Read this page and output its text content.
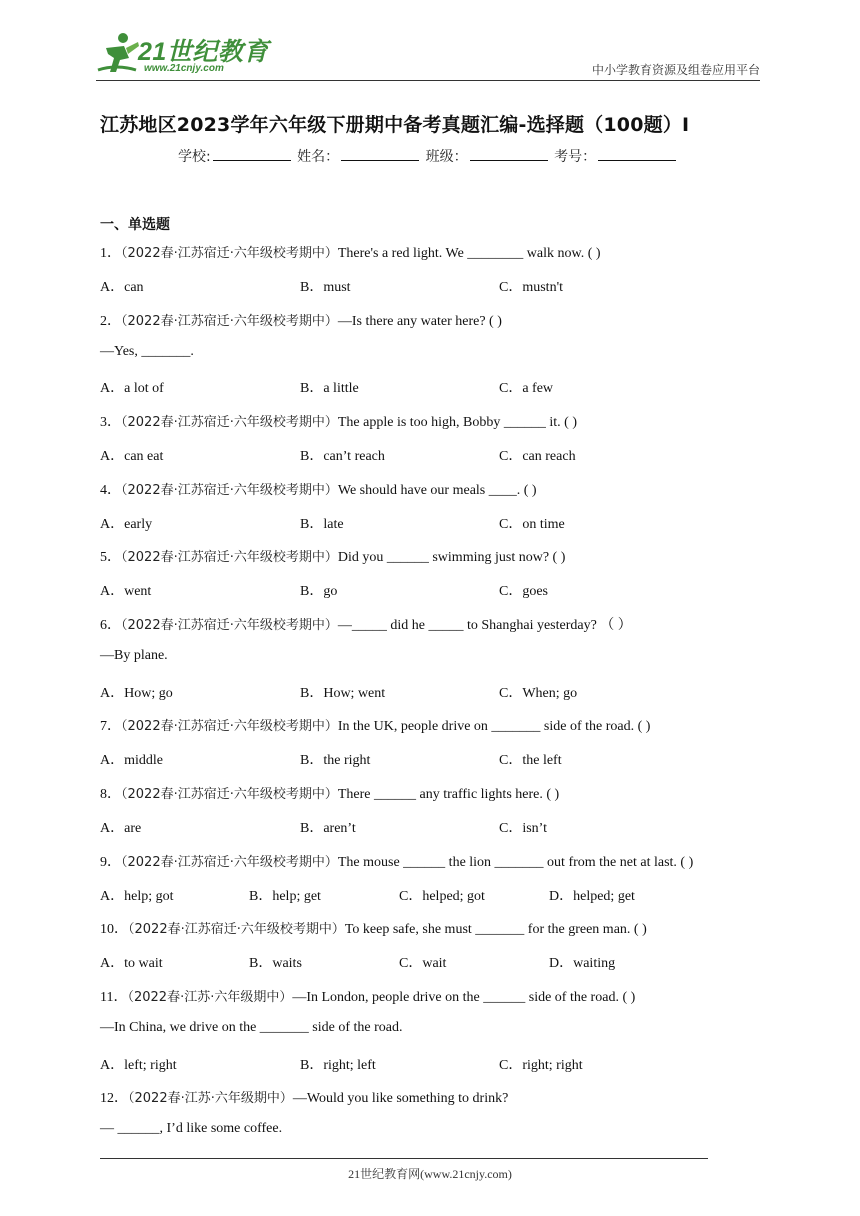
21世纪教育
www.21cnjy.com	中小学教育资源及组卷应用平台
江苏地区2023学年六年级下册期中备考真题汇编-选择题（100题）I
学校:	姓名：	班级：	考号：
一、单选题
1．（2022春·江苏宿迁·六年级校考期中）There's a red light. We ________ walk now. ( )
A．can	B．must	C．mustn't
2．（2022春·江苏宿迁·六年级校考期中）—Is there any water here? ( )
—Yes, _______.
A．a lot of	B．a little	C．a few
3．（2022春·江苏宿迁·六年级校考期中）The apple is too high, Bobby ______ it. ( )
A．can eat	B．can’t reach	C．can reach
4．（2022春·江苏宿迁·六年级校考期中）We should have our meals ____. ( )
A．early	B．late	C．on time
5．（2022春·江苏宿迁·六年级校考期中）Did you ______ swimming just now? ( )
A．went	B．go	C．goes
6．（2022春·江苏宿迁·六年级校考期中）—_____ did he _____ to Shanghai yesterday? （ ）
—By plane.
A．How; go	B．How; went	C．When; go
7．（2022春·江苏宿迁·六年级校考期中）In the UK, people drive on _______ side of the road. ( )
A．middle	B．the right	C．the left
8．（2022春·江苏宿迁·六年级校考期中）There ______ any traffic lights here. ( )
A．are	B．aren’t	C．isn’t
9．（2022春·江苏宿迁·六年级校考期中）The mouse ______ the lion _______ out from the net at last. ( )
A．help; got	B．help; get	C．helped; got	D．helped; get
10．（2022春·江苏宿迁·六年级校考期中）To keep safe, she must _______ for the green man. ( )
A．to wait	B．waits	C．wait	D．waiting
11．（2022春·江苏·六年级期中）—In London, people drive on the ______ side of the road. ( )
—In China, we drive on the _______ side of the road.
A．left; right	B．right; left	C．right; right
12．（2022春·江苏·六年级期中）—Would you like something to drink?
— ______, I’d like some coffee.
21世纪教育网(www.21cnjy.com)
